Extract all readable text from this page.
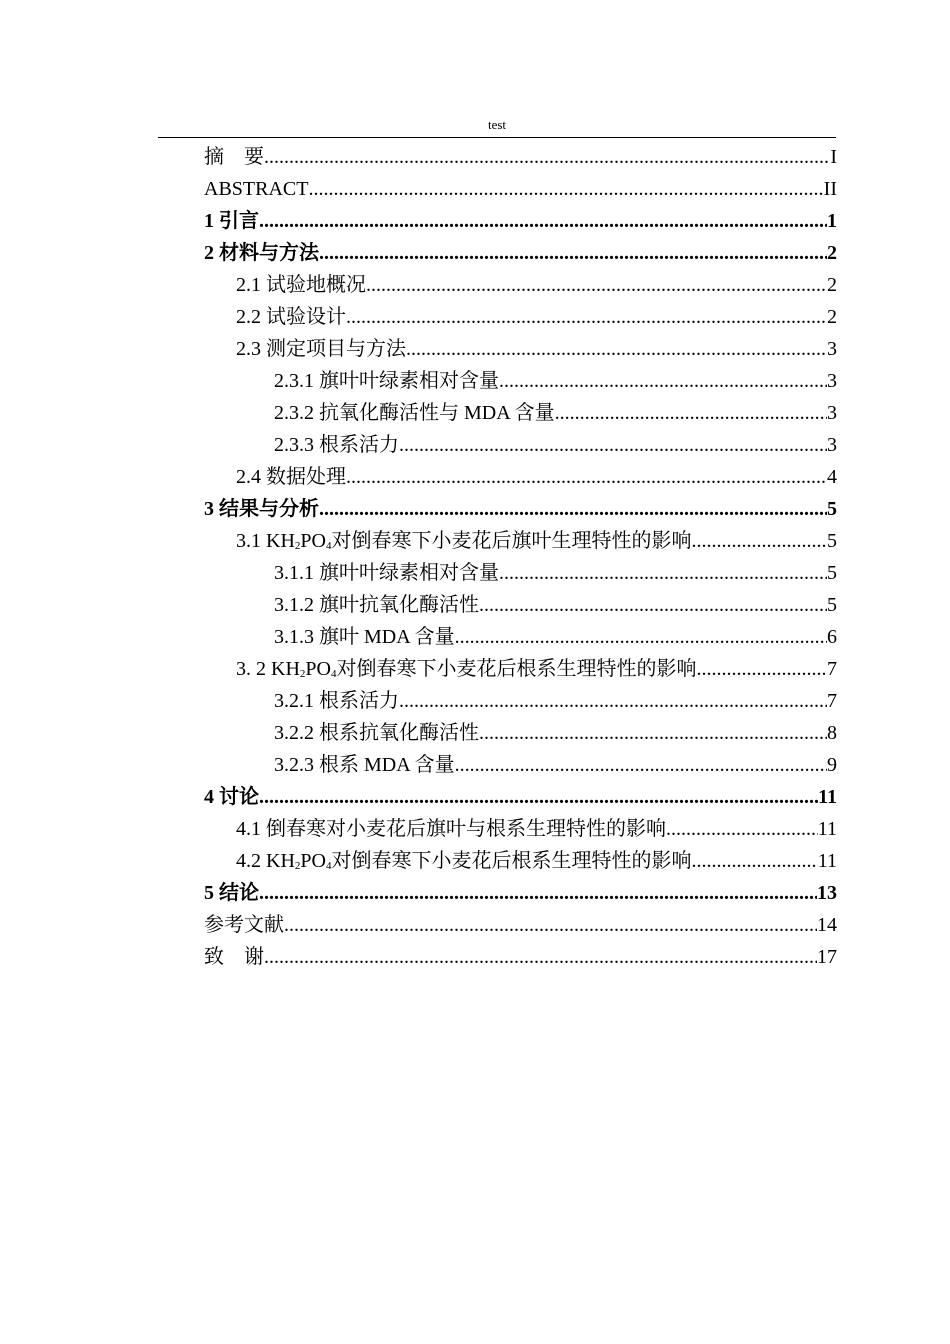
test
摘　要 .....	I
ABSTRACT .....	II
1 引言 .....	1
2 材料与方法 .....	2
2.1 试验地概况 .....	2
2.2 试验设计 .....	2
2.3 测定项目与方法 .....	3
2.3.1 旗叶叶绿素相对含量 .....	3
2.3.2 抗氧化酶活性与 MDA 含量 .....	3
2.3.3 根系活力 .....	3
2.4 数据处理 .....	4
3 结果与分析 .....	5
3.1 $KH_2PO_4$对倒春寒下小麦花后旗叶生理特性的影响 .....	5
3.1.1 旗叶叶绿素相对含量 .....	5
3.1.2 旗叶抗氧化酶活性 .....	5
3.1.3 旗叶 MDA 含量 .....	6
3. 2 $KH_2PO_4$对倒春寒下小麦花后根系生理特性的影响 .....	7
3.2.1 根系活力 .....	7
3.2.2 根系抗氧化酶活性 .....	8
3.2.3 根系 MDA 含量 .....	9
4 讨论 .....	11
4.1 倒春寒对小麦花后旗叶与根系生理特性的影响 .....	11
4.2 $KH_2PO_4$对倒春寒下小麦花后根系生理特性的影响 .....	11
5 结论 .....	13
参考文献 .....	14
致　谢 .....	17
